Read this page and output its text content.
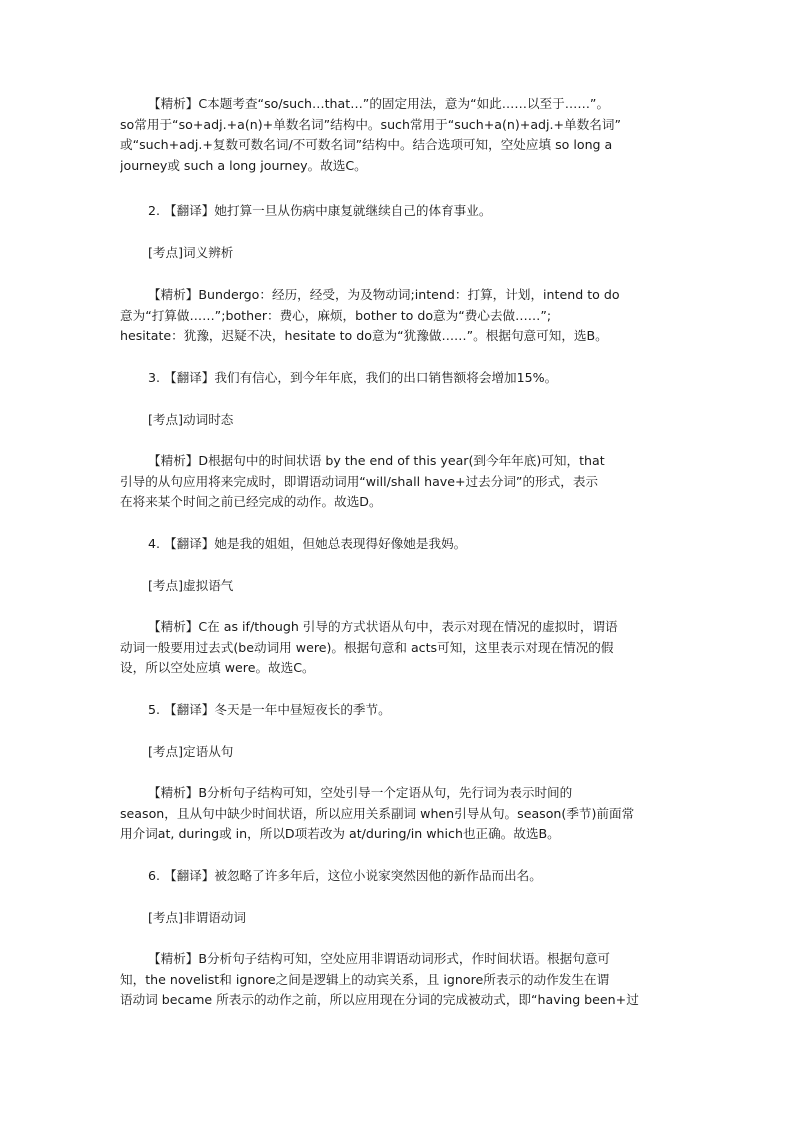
【精析】C本题考查“so/such…that…”的固定用法，意为“如此……以至于……”。
so常用于“so+adj.+a(n)+单数名词”结构中。such常用于“such+a(n)+adj.+单数名词”
或“such+adj.+复数可数名词/不可数名词”结构中。结合选项可知，空处应填 so long a
journey或 such a long journey。故选C。

2. 【翻译】她打算一旦从伤病中康复就继续自己的体育事业。

[考点]词义辨析

【精析】Bundergo：经历，经受，为及物动词;intend：打算，计划，intend to do
意为“打算做……”;bother：费心，麻烦，bother to do意为“费心去做……”;
hesitate：犹豫，迟疑不决，hesitate to do意为“犹豫做……”。根据句意可知，选B。

3. 【翻译】我们有信心，到今年年底，我们的出口销售额将会增加15%。

[考点]动词时态

【精析】D根据句中的时间状语 by the end of this year(到今年年底)可知，that
引导的从句应用将来完成时，即谓语动词用“will/shall have+过去分词”的形式，表示
在将来某个时间之前已经完成的动作。故选D。

4. 【翻译】她是我的姐姐，但她总表现得好像她是我妈。

[考点]虚拟语气

【精析】C在 as if/though 引导的方式状语从句中，表示对现在情况的虚拟时，谓语
动词一般要用过去式(be动词用 were)。根据句意和 acts可知，这里表示对现在情况的假
设，所以空处应填 were。故选C。

5. 【翻译】冬天是一年中昼短夜长的季节。

[考点]定语从句

【精析】B分析句子结构可知，空处引导一个定语从句，先行词为表示时间的
season，且从句中缺少时间状语，所以应用关系副词 when引导从句。season(季节)前面常
用介词at, during或 in，所以D项若改为 at/during/in which也正确。故选B。

6. 【翻译】被忽略了许多年后，这位小说家突然因他的新作品而出名。

[考点]非谓语动词

【精析】B分析句子结构可知，空处应用非谓语动词形式，作时间状语。根据句意可
知，the novelist和 ignore之间是逻辑上的动宾关系，且 ignore所表示的动作发生在谓
语动词 became 所表示的动作之前，所以应用现在分词的完成被动式，即“having been+过
